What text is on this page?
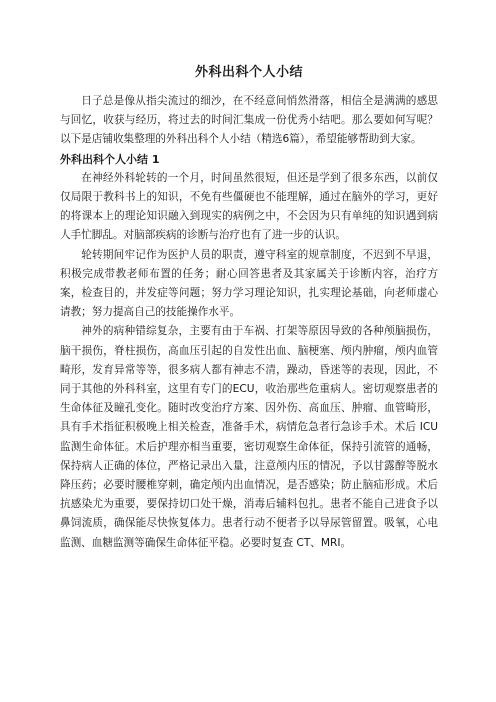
外科出科个人小结

日子总是像从指尖流过的细沙，在不经意间悄然滑落，相信全是满满的感思与回忆，收获与经历，将过去的时间汇集成一份优秀小结吧。那么要如何写呢？以下是店铺收集整理的外科出科个人小结（精选6篇），希望能够帮助到大家。

外科出科个人小结 1

在神经外科轮转的一个月，时间虽然很短，但还是学到了很多东西，以前仅仅局限于教科书上的知识，不免有些僵硬也不能理解，通过在脑外的学习，更好的将课本上的理论知识融入到现实的病例之中，不会因为只有单纯的知识遇到病人手忙脚乱。对脑部疾病的诊断与治疗也有了进一步的认识。

轮转期间牢记作为医护人员的职责，遵守科室的规章制度，不迟到不早退，积极完成带教老师布置的任务；耐心回答患者及其家属关于诊断内容，治疗方案，检查目的，并发症等问题；努力学习理论知识，扎实理论基础，向老师虚心请教；努力提高自己的技能操作水平。

神外的病种错综复杂，主要有由于车祸、打架等原因导致的各种颅脑损伤，脑干损伤，脊柱损伤，高血压引起的自发性出血、脑梗塞、颅内肿瘤，颅内血管畸形，发育异常等等，很多病人都有神志不清，躁动，昏迷等的表现，因此，不同于其他的外科科室，这里有专门的ECU，收治那些危重病人。密切观察患者的生命体征及瞳孔变化。随时改变治疗方案、因外伤、高血压、肿瘤、血管畸形，具有手术指征积极晚上相关检查，准备手术，病情危急者行急诊手术。术后 ICU 监测生命体征。术后护理亦相当重要，密切观察生命体征，保持引流管的通畅，保持病人正确的体位，严格记录出入量，注意颅内压的情况，予以甘露醇等脱水降压药；必要时腰椎穿刺，确定颅内出血情况，是否感染；防止脑疝形成。术后抗感染尤为重要，要保持切口处干燥，消毒后辅料包扎。患者不能自己进食予以鼻饲流质，确保能尽快恢复体力。患者行动不便者予以导尿管留置。吸氧，心电监测、血糖监测等确保生命体征平稳。必要时复查 CT、MRI。
